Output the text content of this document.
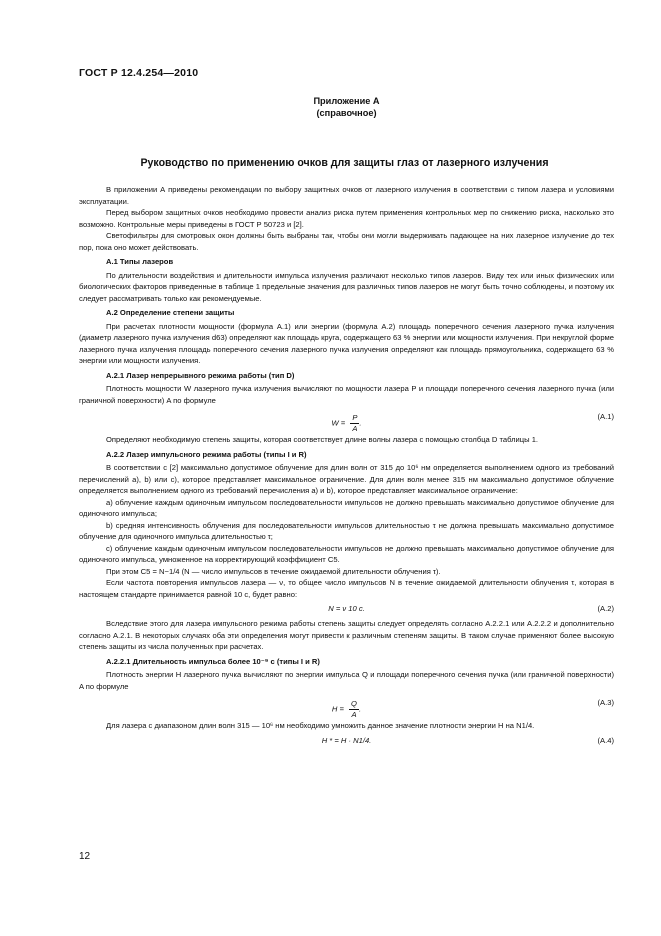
ГОСТ Р 12.4.254—2010
Приложение А
(справочное)
Руководство по применению очков для защиты глаз от лазерного излучения

В приложении А приведены рекомендации по выбору защитных очков от лазерного излучения в соответствии с типом лазера и условиями эксплуатации.

Перед выбором защитных очков необходимо провести анализ риска путем применения контрольных мер по снижению риска, насколько это возможно. Контрольные меры приведены в ГОСТ Р 50723 и [2].

Светофильтры для смотровых окон должны быть выбраны так, чтобы они могли выдерживать падающее на них лазерное излучение до тех пор, пока оно может действовать.

А.1 Типы лазеров

По длительности воздействия и длительности импульса излучения различают несколько типов лазеров. Виду тех или иных физических или биологических факторов приведенные в таблице 1 предельные значения для различных типов лазеров не могут быть точно соблюдены, и поэтому их следует рассматривать только как рекомендуемые.

А.2 Определение степени защиты

При расчетах плотности мощности (формула А.1) или энергии (формула А.2) площадь поперечного сечения лазерного пучка излучения (диаметр лазерного пучка излучения d63) определяют как площадь круга, содержащего 63 % энергии или мощности излучения. При некруглой форме лазерного пучка излучения площадь поперечного сечения лазерного пучка излучения определяют как площадь прямоугольника, содержащего 63 % энергии или мощности излучения.

А.2.1 Лазер непрерывного режима работы (тип D)

Плотность мощности W лазерного пучка излучения вычисляют по мощности лазера P и площади поперечного сечения лазерного пучка (или граничной поверхности) A по формуле

$W = \frac{P}{A}$ .
(А.1)

Определяют необходимую степень защиты, которая соответствует длине волны лазера с помощью столбца D таблицы 1.

А.2.2 Лазер импульсного режима работы (типы I и R)

В соответствии с [2] максимально допустимое облучение для длин волн от 315 до 10⁶ нм определяется выполнением одного из требований перечислений а), b) или c), которое представляет максимальное ограничение. Для длин волн менее 315 нм максимально допустимое облучение определяется выполнением одного из требований перечисления a) и b), которое представляет максимальное ограничение:

a) облучение каждым одиночным импульсом последовательности импульсов не должно превышать максимально допустимое облучение для одиночного импульса;

b) средняя интенсивность облучения для последовательности импульсов длительностью τ не должна превышать максимально допустимое облучение для одиночного импульса длительностью τ;

c) облучение каждым одиночным импульсом последовательности импульсов не должно превышать максимально допустимое облучение для одиночного импульса, умноженное на корректирующий коэффициент C5.

При этом C5 = N−1/4 (N — число импульсов в течение ожидаемой длительности облучения τ).

Если частота повторения импульсов лазера — ν, то общее число импульсов N в течение ожидаемой длительности облучения τ, которая в настоящем стандарте принимается равной 10 с, будет равно:

N = ν 10 с.	(А.2)

Вследствие этого для лазера импульсного режима работы степень защиты следует определять согласно А.2.2.1 или А.2.2.2 и дополнительно согласно А.2.1. В некоторых случаях оба эти определения могут привести к различным степеням защиты. В таком случае применяют более высокую степень защиты из числа полученных при расчетах.

А.2.2.1 Длительность импульса более 10⁻⁹ с (типы I и R)

Плотность энергии H лазерного пучка вычисляют по энергии импульса Q и площади поперечного сечения пучка (или граничной поверхности) A по формуле

$H = \frac{Q}{A}$ .
(А.3)

Для лазера с диапазоном длин волн 315 — 10⁶ нм необходимо умножить данное значение плотности энергии H на N1/4.

H * = H · N1/4.	(А.4)
12
